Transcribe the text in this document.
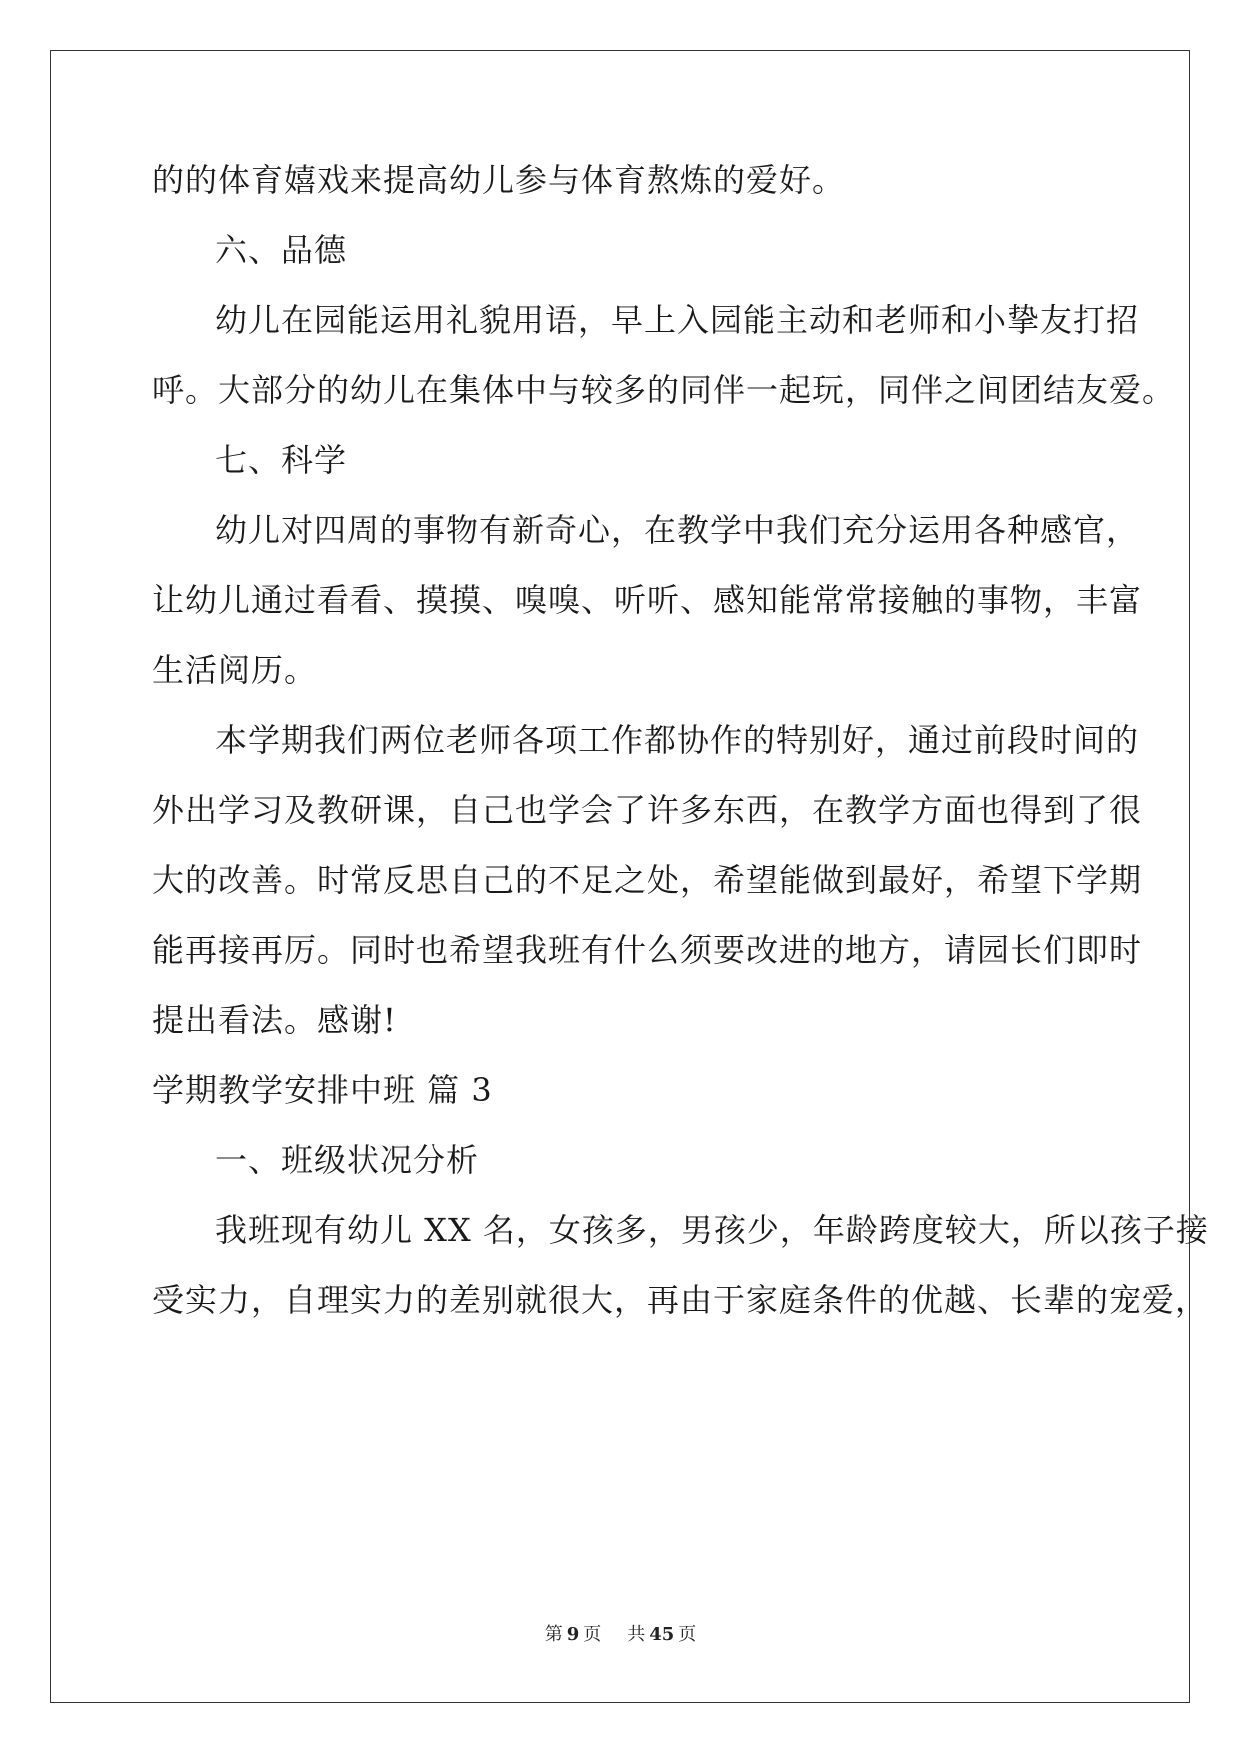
的的体育嬉戏来提高幼儿参与体育熬炼的爱好。
六、品德
幼儿在园能运用礼貌用语，早上入园能主动和老师和小挚友打招
呼。大部分的幼儿在集体中与较多的同伴一起玩，同伴之间团结友爱。
七、科学
幼儿对四周的事物有新奇心，在教学中我们充分运用各种感官，
让幼儿通过看看、摸摸、嗅嗅、听听、感知能常常接触的事物，丰富
生活阅历。
本学期我们两位老师各项工作都协作的特别好，通过前段时间的
外出学习及教研课，自己也学会了许多东西，在教学方面也得到了很
大的改善。时常反思自己的不足之处，希望能做到最好，希望下学期
能再接再厉。同时也希望我班有什么须要改进的地方，请园长们即时
提出看法。感谢!
学期教学安排中班 篇 3
一、班级状况分析
我班现有幼儿 XX 名，女孩多，男孩少，年龄跨度较大，所以孩子接
受实力，自理实力的差别就很大，再由于家庭条件的优越、长辈的宠爱，
第 9 页 共 45 页
